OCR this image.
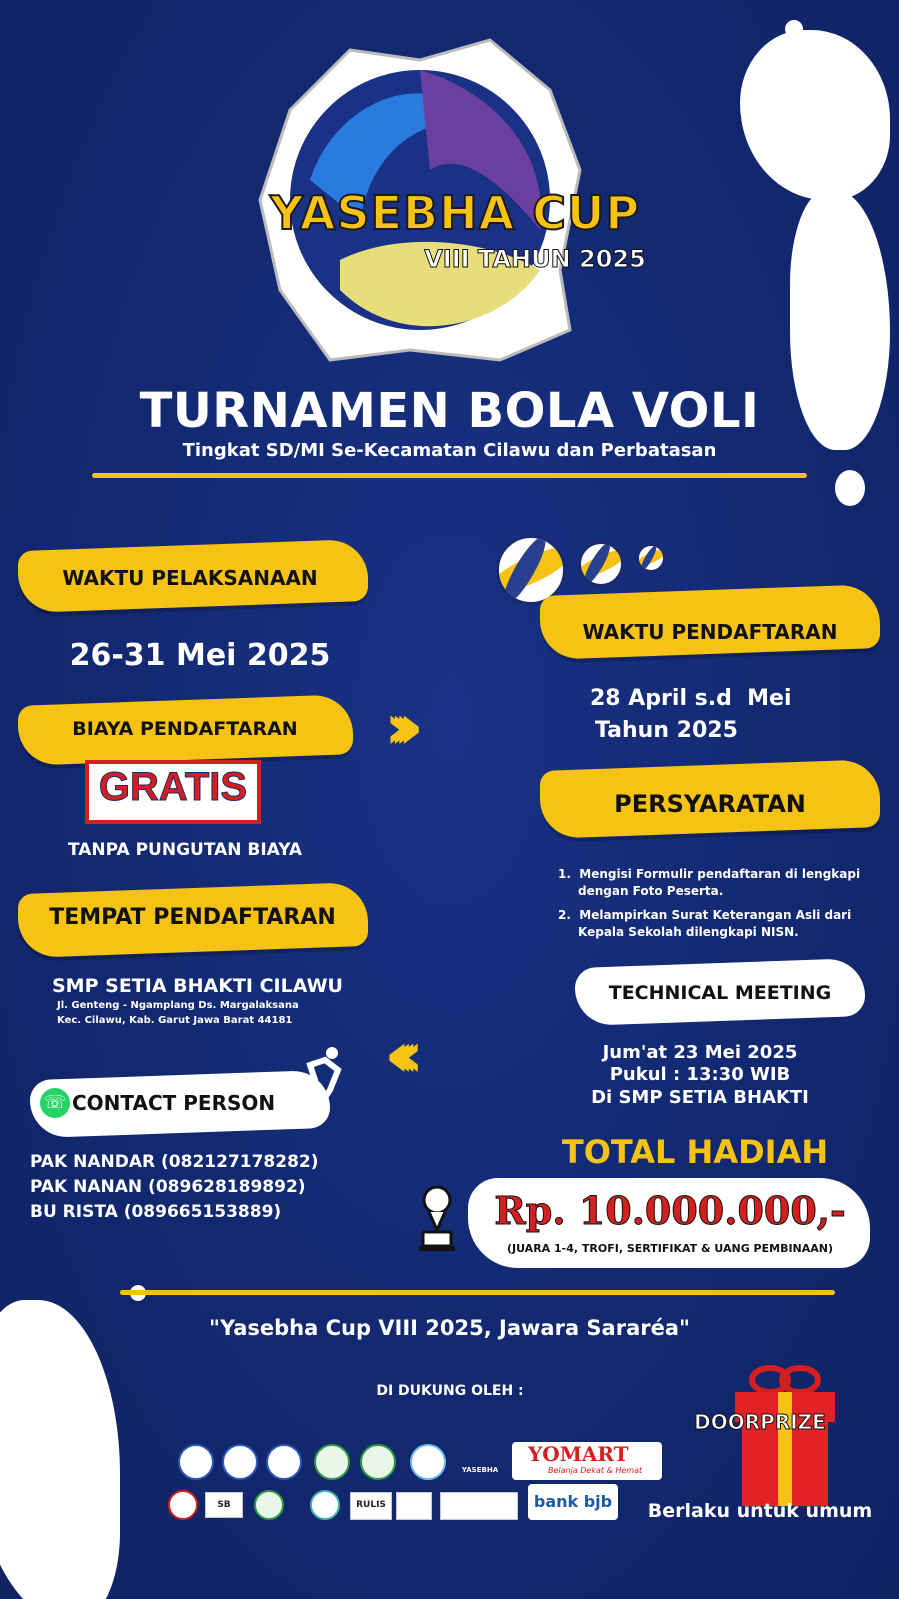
YASEBHA CUP
VIII TAHUN 2025
TURNAMEN BOLA VOLI
Tingkat SD/MI Se-Kecamatan Cilawu dan Perbatasan
WAKTU PELAKSANAAN
26-31 Mei 2025
BIAYA PENDAFTARAN
GRATIS
TANPA PUNGUTAN BIAYA
TEMPAT PENDAFTARAN
SMP SETIA BHAKTI CILAWU
Jl. Genteng - Ngamplang Ds. Margalaksana
Kec. Cilawu, Kab. Garut Jawa Barat 44181
☏ CONTACT PERSON
PAK NANDAR (082127178282)
PAK NANAN (089628189892)
BU RISTA (089665153889)
WAKTU PENDAFTARAN
28 April s.d  Mei
Tahun 2025
PERSYARATAN
1.  Mengisi Formulir pendaftaran di lengkapi
dengan Foto Peserta.
2.  Melampirkan Surat Keterangan Asli dari
Kepala Sekolah dilengkapi NISN.
TECHNICAL MEETING
Jum'at 23 Mei 2025
Pukul : 13:30 WIB
Di SMP SETIA BHAKTI
TOTAL HADIAH
Rp. 10.000.000,-
(JUARA 1-4, TROFI, SERTIFIKAT & UANG PEMBINAAN)
"Yasebha Cup VIII 2025, Jawara Sararéa"
DI DUKUNG OLEH :
DOORPRIZE
Berlaku untuk umum
YASEBHA
YOMART
Belanja Dekat & Hemat
SB	RULIS	bank bjb
